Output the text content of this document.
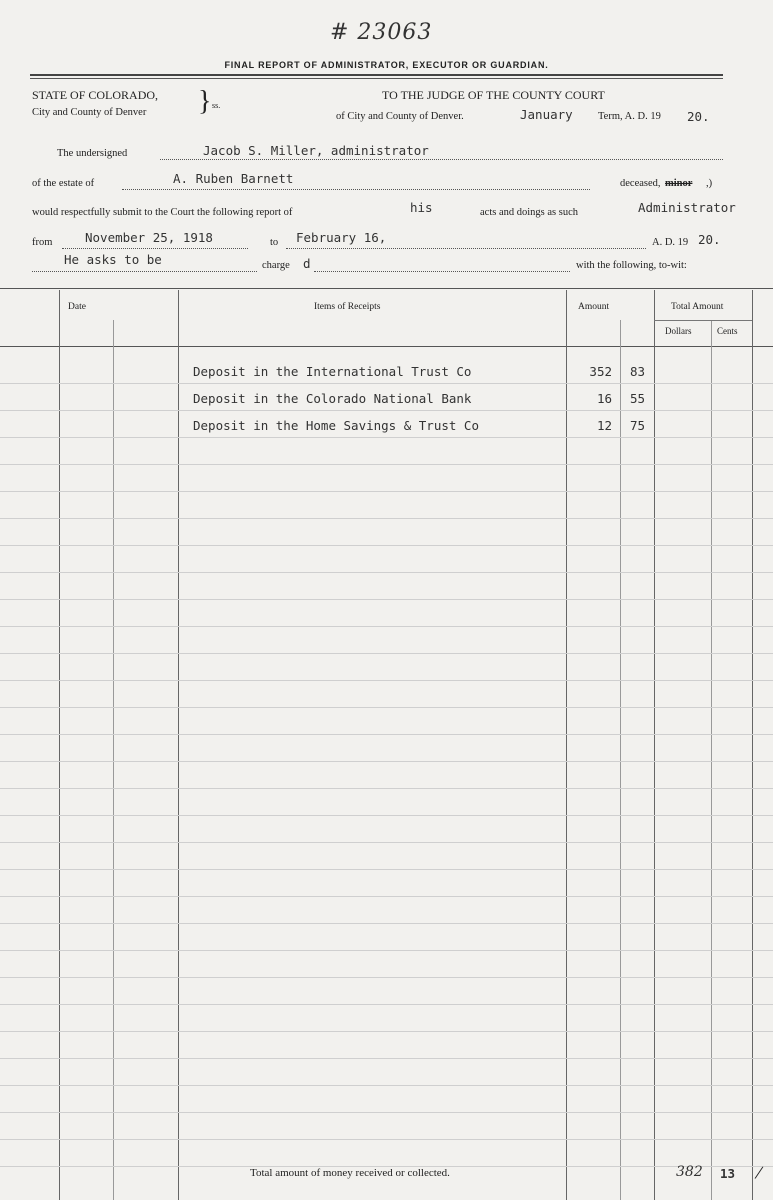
# 23063
FINAL REPORT OF ADMINISTRATOR, EXECUTOR OR GUARDIAN.
STATE OF COLORADO,
City and County of Denver } ss.
TO THE JUDGE OF THE COUNTY COURT
of City and County of Denver.	January Term, A. D. 19 20.
The undersigned	Jacob S. Miller, administrator
of the estate of	A. Ruben Barnett	deceased, minor ,)
would respectfully submit to the Court the following report of	his	acts and doings as such	Administrator
from	November 25, 1918	to February 16,	A. D. 19 20.
He asks to be	charge d	with the following, to-wit:
Date	Items of Receipts	Amount	Total Amount
Dollars	Cents
Deposit in the International Trust Co	352 83
Deposit in the Colorado National Bank	16 55
Deposit in the Home Savings & Trust Co	12 75
Total amount of money received or collected.	382 13 /
